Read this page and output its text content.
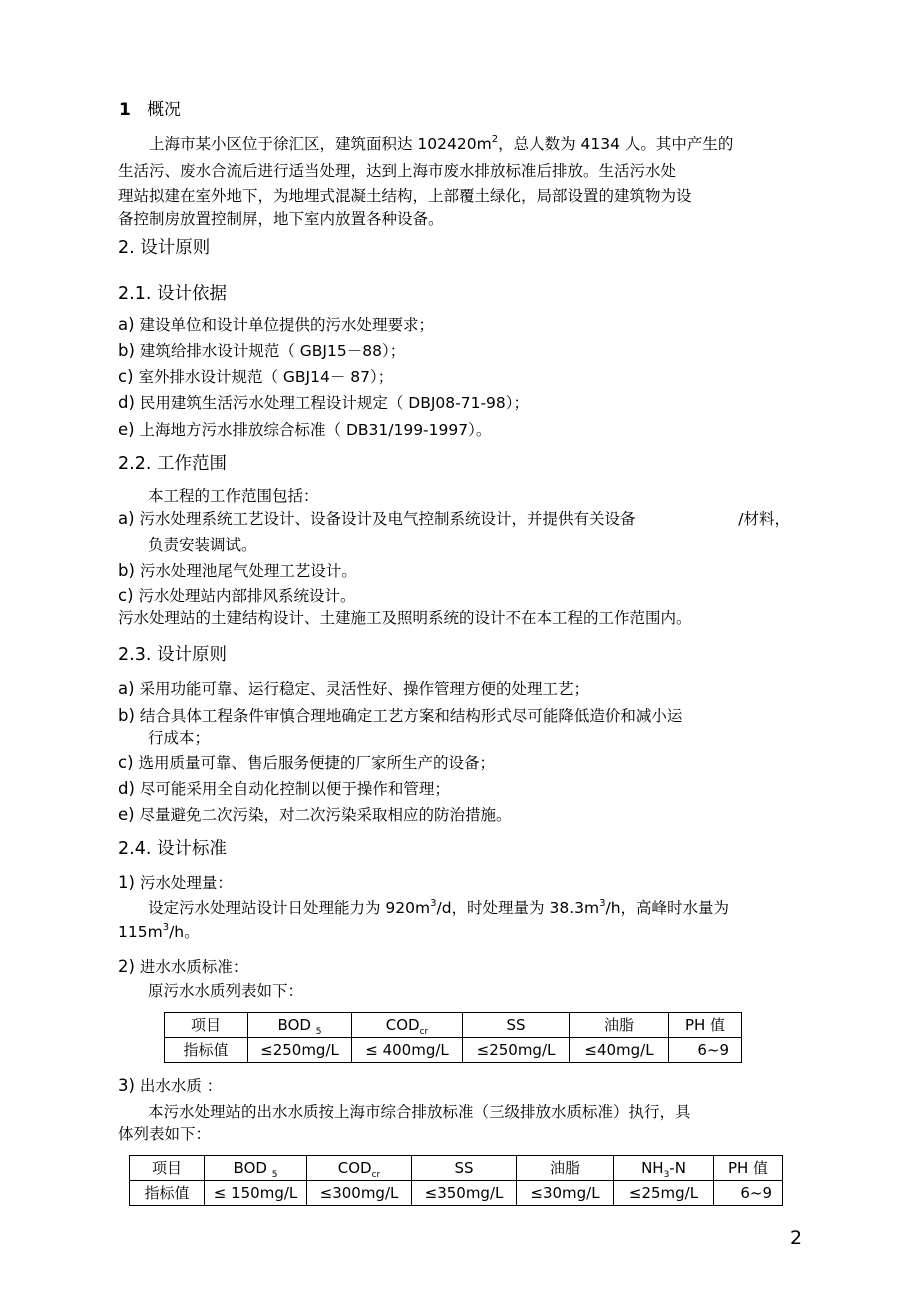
1 概况
上海市某小区位于徐汇区，建筑面积达 $102420m^2$，总人数为 4134 人。其中产生的
生活污、废水合流后进行适当处理，达到上海市废水排放标准后排放。生活污水处
理站拟建在室外地下，为地埋式混凝土结构，上部覆土绿化，局部设置的建筑物为设
备控制房放置控制屏，地下室内放置各种设备。
2. 设计原则
2.1. 设计依据
a) 建设单位和设计单位提供的污水处理要求；
b) 建筑给排水设计规范（ GBJ15－88）；
c) 室外排水设计规范（ GBJ14－ 87）；
d) 民用建筑生活污水处理工程设计规定（ DBJ08-71-98）；
e) 上海地方污水排放综合标准（ DB31/199-1997）。
2.2. 工作范围
本工程的工作范围包括：
a) 污水处理系统工艺设计、设备设计及电气控制系统设计，并提供有关设备	/材料，
负责安装调试。
b) 污水处理池尾气处理工艺设计。
c) 污水处理站内部排风系统设计。
污水处理站的土建结构设计、土建施工及照明系统的设计不在本工程的工作范围内。
2.3. 设计原则
a) 采用功能可靠、运行稳定、灵活性好、操作管理方便的处理工艺；
b) 结合具体工程条件审慎合理地确定工艺方案和结构形式尽可能降低造价和减小运
行成本；
c) 选用质量可靠、售后服务便捷的厂家所生产的设备；
d) 尽可能采用全自动化控制以便于操作和管理；
e) 尽量避免二次污染，对二次污染采取相应的防治措施。
2.4. 设计标准
1) 污水处理量：
设定污水处理站设计日处理能力为 $920m^3/d$，时处理量为 $38.3m^3/h$，高峰时水量为
$115m^3/h$。
2) 进水水质标准：
原污水水质列表如下：
项目	BOD $_5$	$COD_{cr}$	SS	油脂	PH 值
指标值	≤250mg/L	≤ 400mg/L	≤250mg/L	≤40mg/L	6~9
3) 出水水质 ：
本污水处理站的出水水质按上海市综合排放标准（三级排放水质标准）执行，具
体列表如下：
项目	BOD $_5$	$COD_{cr}$	SS	油脂	$NH_3-N$	PH 值
指标值	≤ 150mg/L	≤300mg/L	≤350mg/L	≤30mg/L	≤25mg/L	6~9
2
